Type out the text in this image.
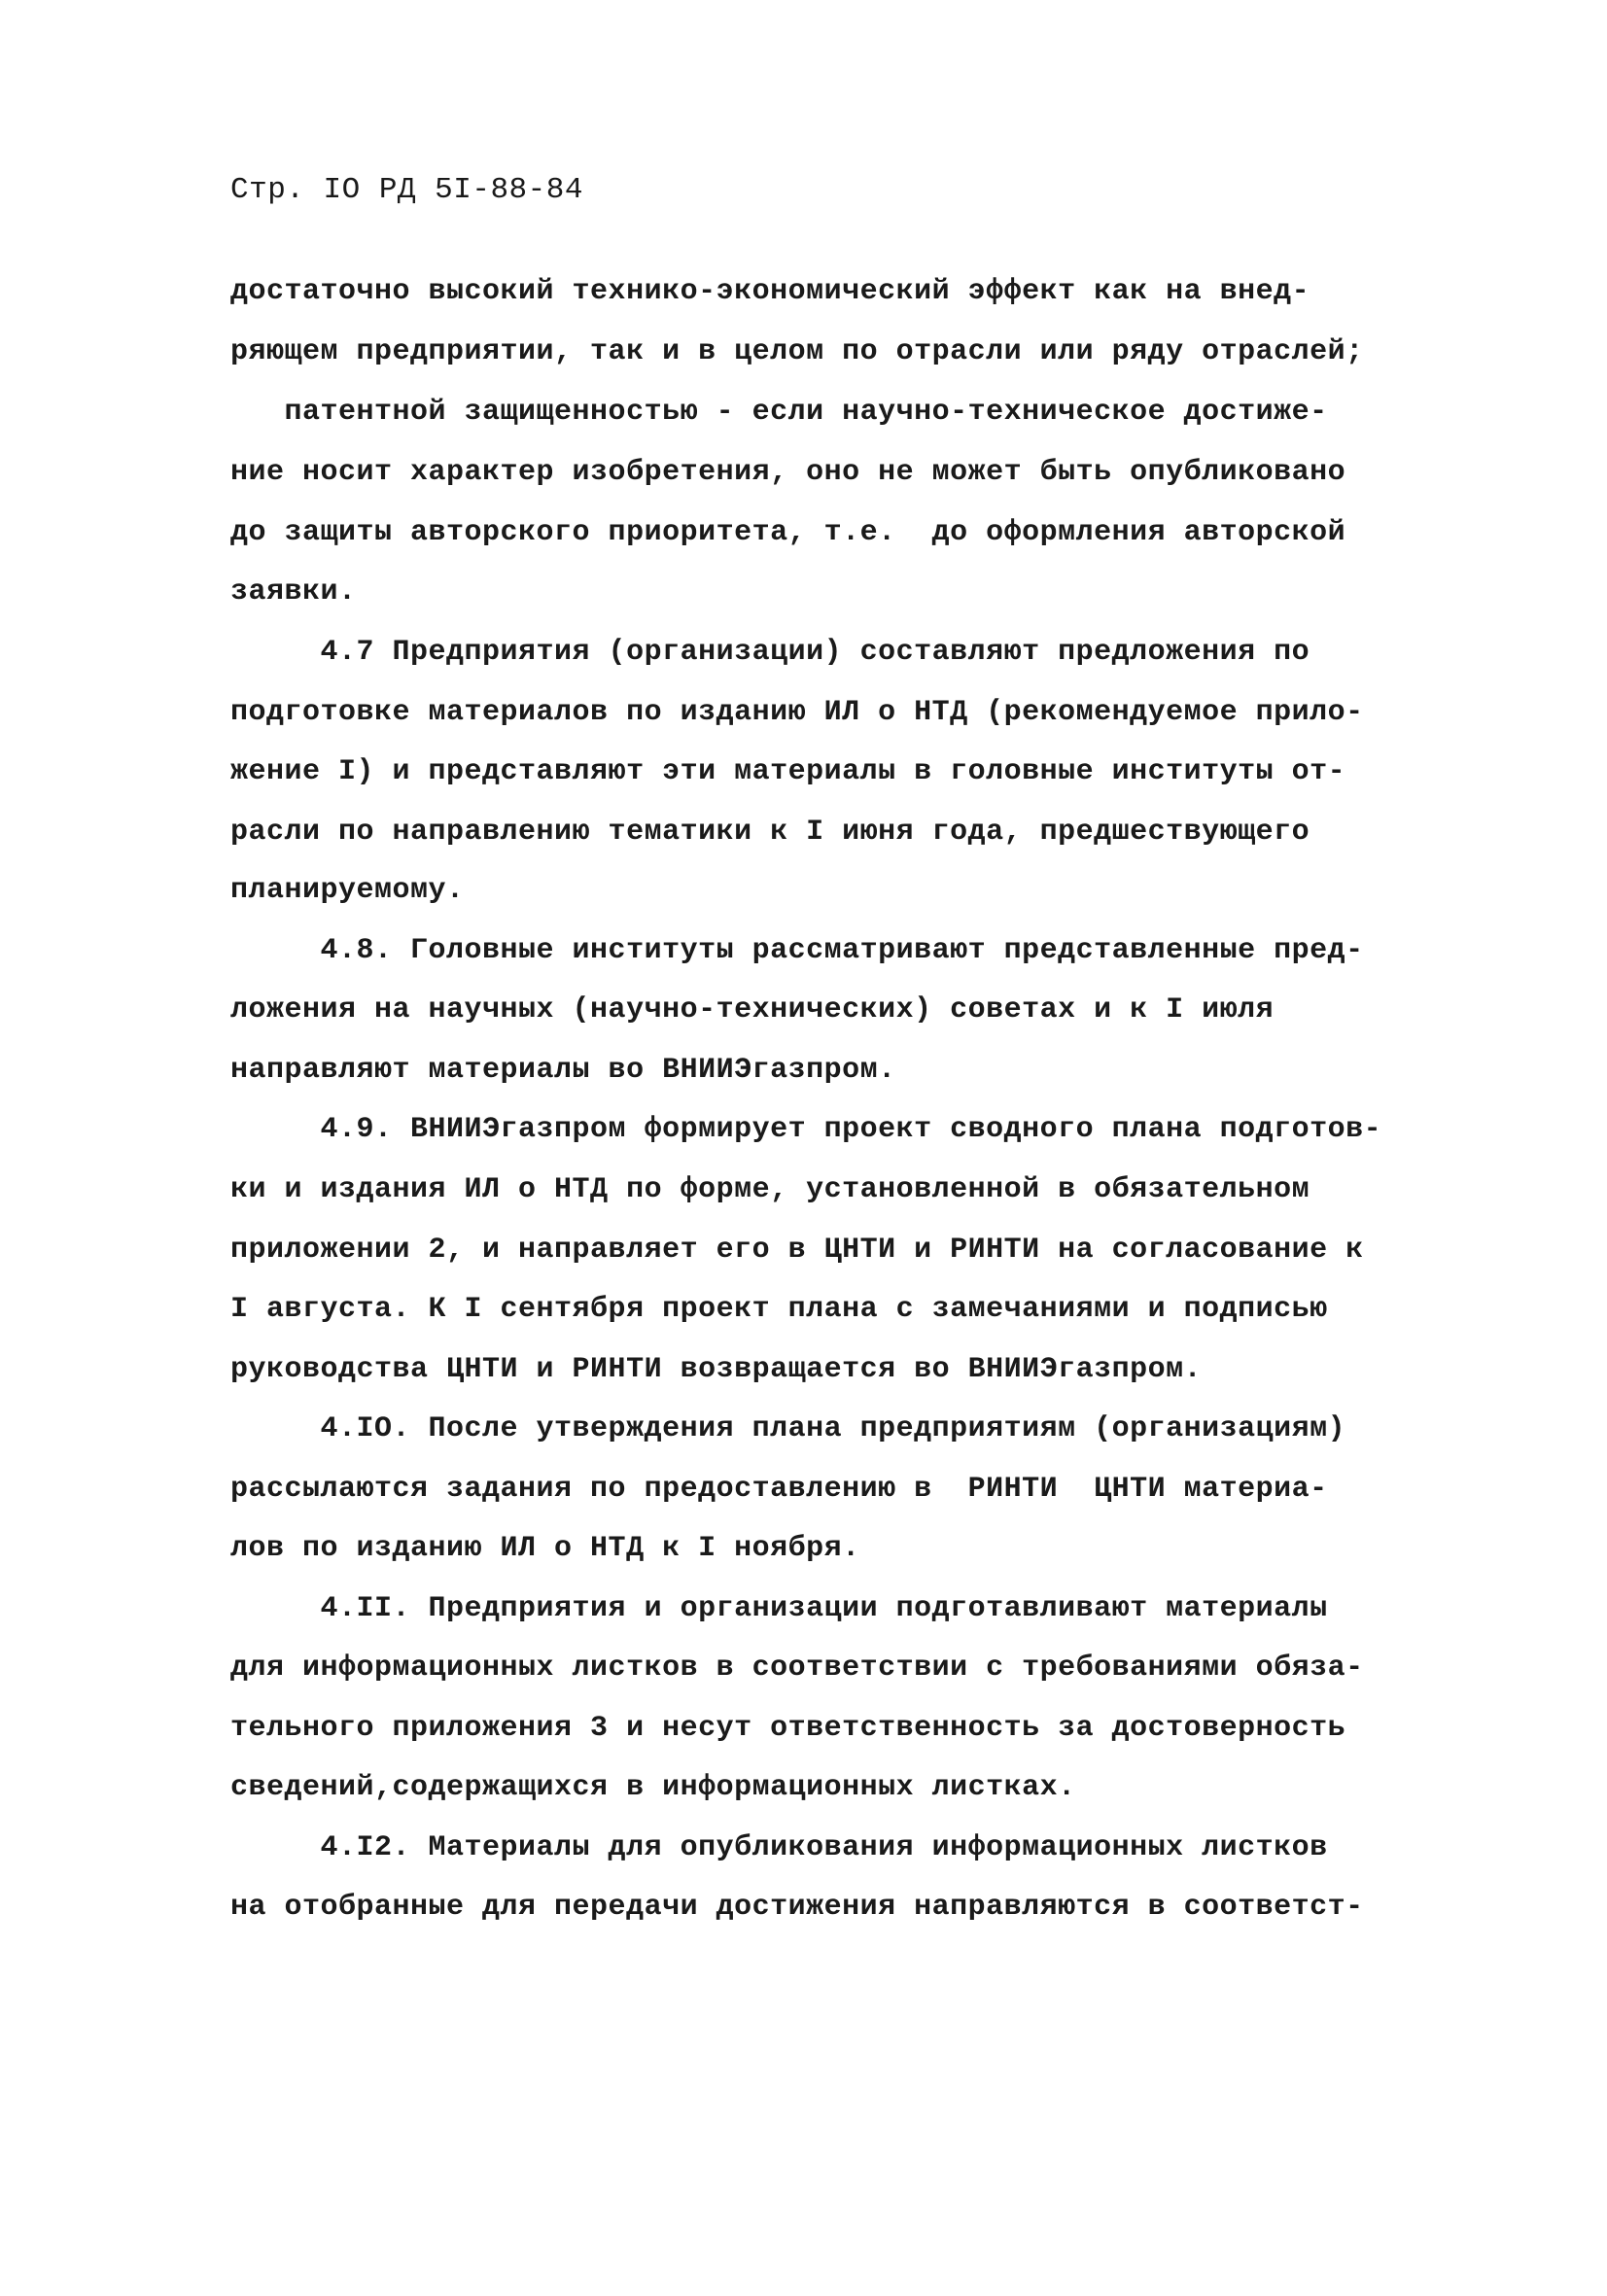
Стр. IO РД 5I-88-84
достаточно высокий технико-экономический эффект как на внед-
ряющем предприятии, так и в целом по отрасли или ряду отраслей;
патентной защищенностью - если научно-техническое достиже-
ние носит характер изобретения, оно не может быть опубликовано
до защиты авторского приоритета, т.е.  до оформления авторской
заявки.
4.7 Предприятия (организации) составляют предложения по
подготовке материалов по изданию ИЛ о НТД (рекомендуемое прило-
жение I) и представляют эти материалы в головные институты от-
расли по направлению тематики к I июня года, предшествующего
планируемому.
4.8. Головные институты рассматривают представленные пред-
ложения на научных (научно-технических) советах и к I июля
направляют материалы во ВНИИЭгазпром.
4.9. ВНИИЭгазпром формирует проект сводного плана подготов-
ки и издания ИЛ о НТД по форме, установленной в обязательном
приложении 2, и направляет его в ЦНТИ и РИНТИ на согласование к
I августа. К I сентября проект плана с замечаниями и подписью
руководства ЦНТИ и РИНТИ возвращается во ВНИИЭгазпром.
4.IO. После утверждения плана предприятиям (организациям)
рассылаются задания по предоставлению в  РИНТИ  ЦНТИ материа-
лов по изданию ИЛ о НТД к I ноября.
4.II. Предприятия и организации подготавливают материалы
для информационных листков в соответствии с требованиями обяза-
тельного приложения 3 и несут ответственность за достоверность
сведений,содержащихся в информационных листках.
4.I2. Материалы для опубликования информационных листков
на отобранные для передачи достижения направляются в соответст-
